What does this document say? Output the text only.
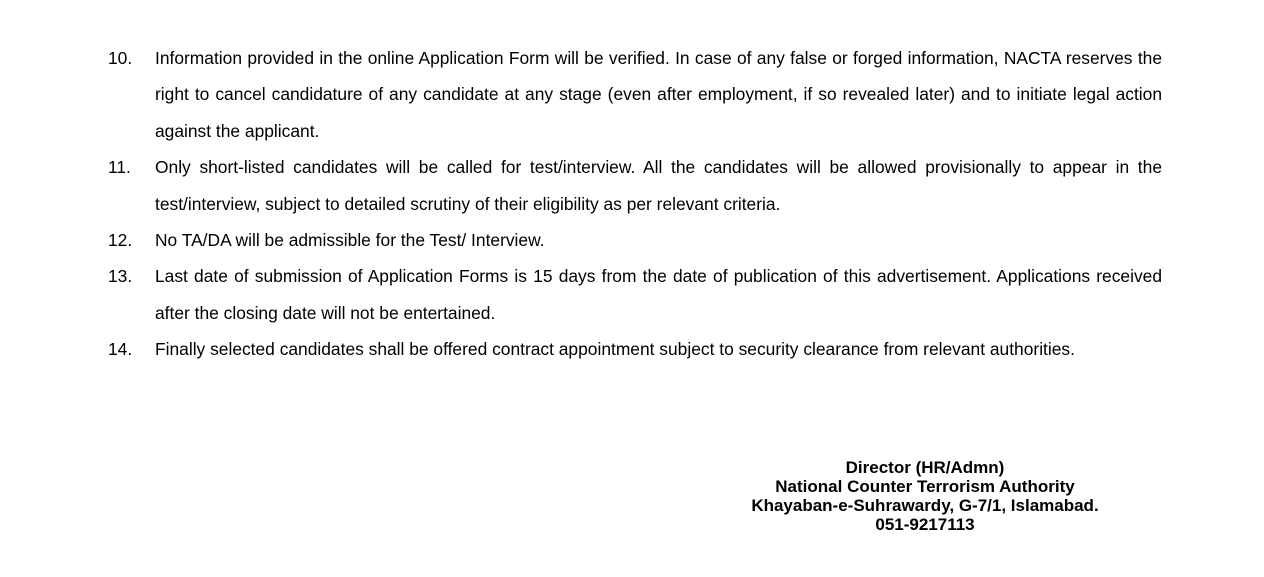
10. Information provided in the online Application Form will be verified. In case of any false or forged information, NACTA reserves the right to cancel candidature of any candidate at any stage (even after employment, if so revealed later) and to initiate legal action against the applicant.
11. Only short-listed candidates will be called for test/interview. All the candidates will be allowed provisionally to appear in the test/interview, subject to detailed scrutiny of their eligibility as per relevant criteria.
12. No TA/DA will be admissible for the Test/ Interview.
13. Last date of submission of Application Forms is 15 days from the date of publication of this advertisement. Applications received after the closing date will not be entertained.
14. Finally selected candidates shall be offered contract appointment subject to security clearance from relevant authorities.
Director (HR/Admn)
National Counter Terrorism Authority
Khayaban-e-Suhrawardy, G-7/1, Islamabad.
051-9217113
